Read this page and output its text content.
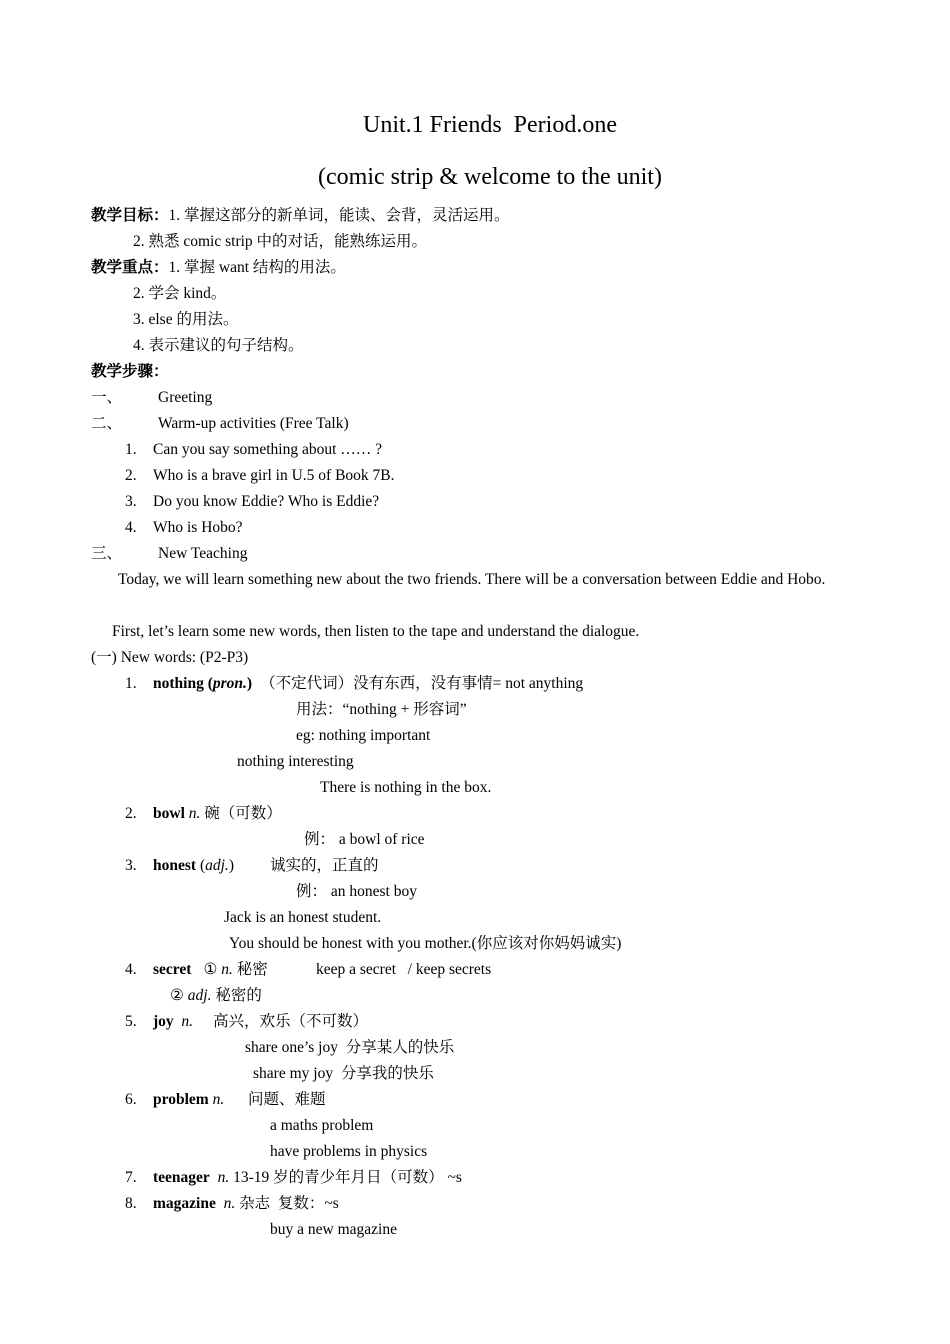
Unit.1 Friends  Period.one
(comic strip & welcome to the unit)
教学目标：1. 掌握这部分的新单词，能读、会背，灵活运用。
2. 熟悉 comic strip 中的对话，能熟练运用。
教学重点：1. 掌握 want 结构的用法。
2. 学会 kind。
3. else 的用法。
4. 表示建议的句子结构。
教学步骤：
一、 Greeting
二、 Warm-up activities (Free Talk)
1. Can you say something about …… ?
2. Who is a brave girl in U.5 of Book 7B.
3. Do you know Eddie? Who is Eddie?
4. Who is Hobo?
三、 New Teaching
Today, we will learn something new about the two friends. There will be a conversation between Eddie and Hobo.
First, let’s learn some new words, then listen to the tape and understand the dialogue.
(一) New words: (P2-P3)
1. nothing (pron.) （不定代词）没有东西，没有事情= not anything
用法：“nothing + 形容词”
eg: nothing important
nothing interesting
There is nothing in the box.
2. bowl n. 碗（可数）
例： a bowl of rice
3. honest (adj.) 诚实的，正直的
例： an honest boy
Jack is an honest student.
You should be honest with you mother.(你应该对你妈妈诚实)
4. secret ① n. 秘密	keep a secret   / keep secrets
② adj. 秘密的
5. joy n. 高兴，欢乐（不可数）
share one’s joy  分享某人的快乐
share my joy  分享我的快乐
6. problem n. 问题、难题
a maths problem
have problems in physics
7. teenager n. 13-19 岁的青少年月日（可数） ~s
8. magazine n. 杂志  复数：~s
buy a new magazine
